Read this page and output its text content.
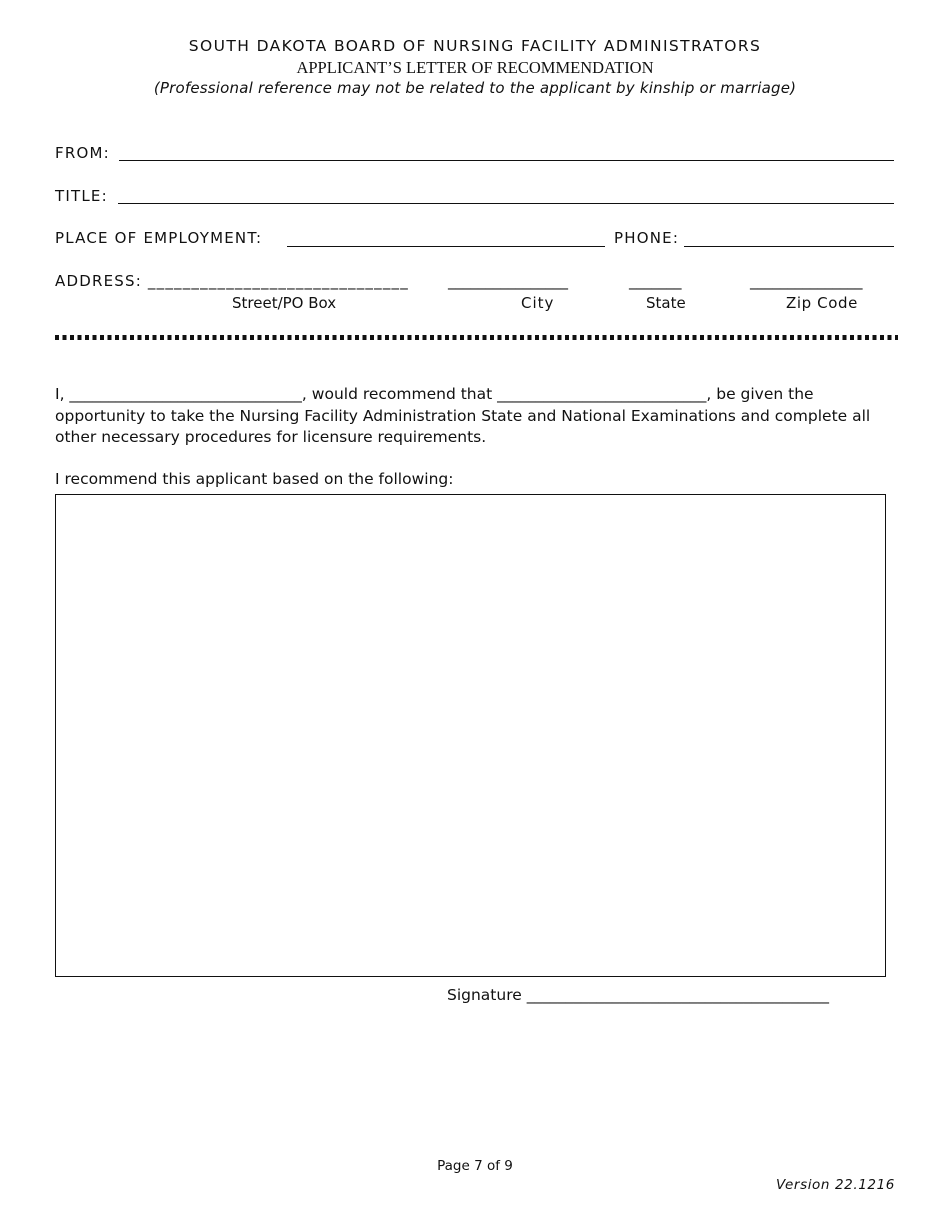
SOUTH DAKOTA BOARD OF NURSING FACILITY ADMINISTRATORS
APPLICANT’S LETTER OF RECOMMENDATION
(Professional reference may not be related to the applicant by kinship or marriage)
FROM:
TITLE:
PLACE OF EMPLOYMENT:	PHONE:
ADDRESS: ______________________________	________________	_______	_______________
Street/PO Box	City	State	Zip Code
I, ______________________________, would recommend that ___________________________, be given the opportunity to take the Nursing Facility Administration State and National Examinations and complete all other necessary procedures for licensure requirements.
I recommend this applicant based on the following:
Signature _______________________________________
Page 7 of 9
Version 22.1216
